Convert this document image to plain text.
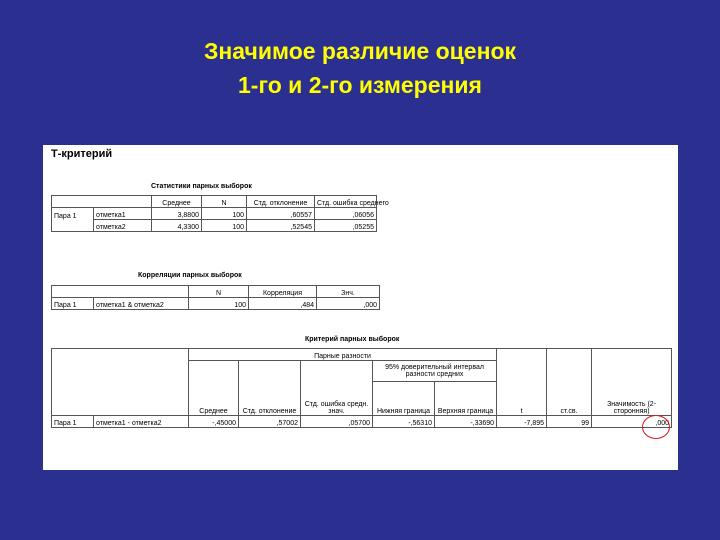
Значимое различие оценок
1-го и 2-го измерения
Т-критерий
Статистики парных выборок
		Среднее	N	Стд. отклонение	Стд. ошибка среднего
Пара 1	отметка1	3,8800	100	,60557	,06056
	отметка2	4,3300	100	,52545	,05255
Корреляции парных выборок
		N	Корреляция	Знч.
Пара 1	отметка1 & отметка2	100	,484	,000
Критерий парных выборок
		Парные разности							
					95% доверительный интервал разности средних				
		Среднее	Стд. отклонение	Стд. ошибка средн. знач.	Нижняя граница	Верхняя граница	t	ст.св.	Значимость (2-сторонняя)
Пара 1	отметка1 - отметка2	-,45000	,57002	,05700	-,56310	-,33690	-7,895	99	,000
